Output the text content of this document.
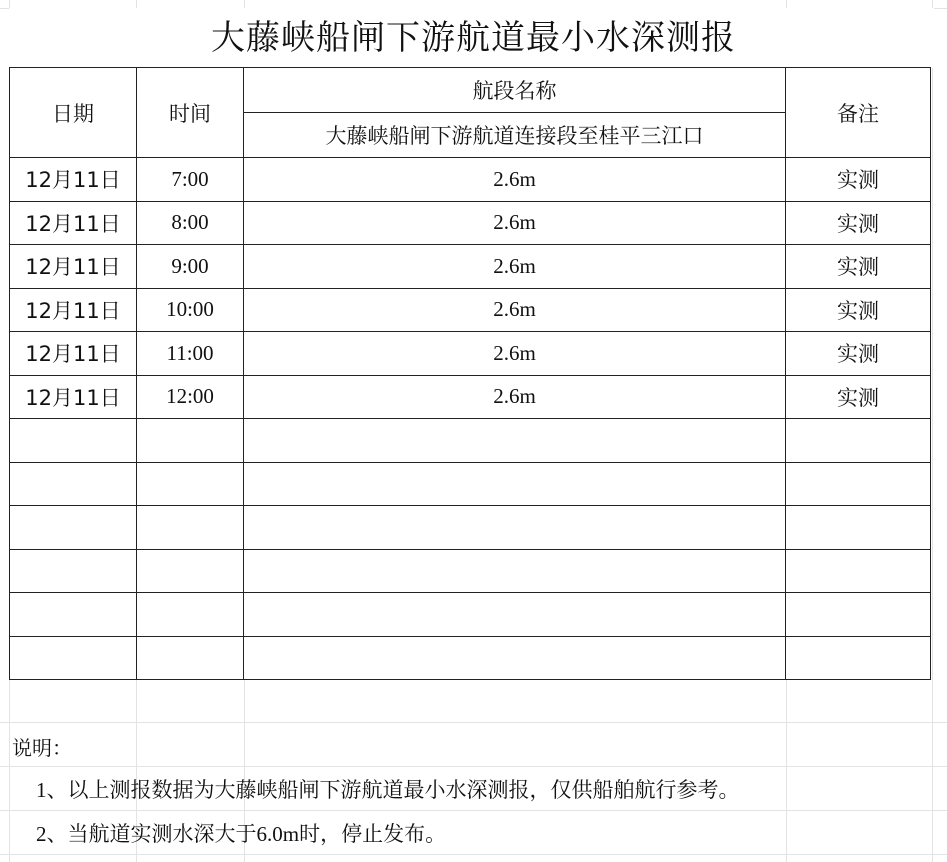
大藤峡船闸下游航道最小水深测报
日期	时间	航段名称	备注
		大藤峡船闸下游航道连接段至桂平三江口	
12月11日	7:00	2.6m	实测
12月11日	8:00	2.6m	实测
12月11日	9:00	2.6m	实测
12月11日	10:00	2.6m	实测
12月11日	11:00	2.6m	实测
12月11日	12:00	2.6m	实测

说明：
1、以上测报数据为大藤峡船闸下游航道最小水深测报，仅供船舶航行参考。
2、当航道实测水深大于6.0m时，停止发布。
